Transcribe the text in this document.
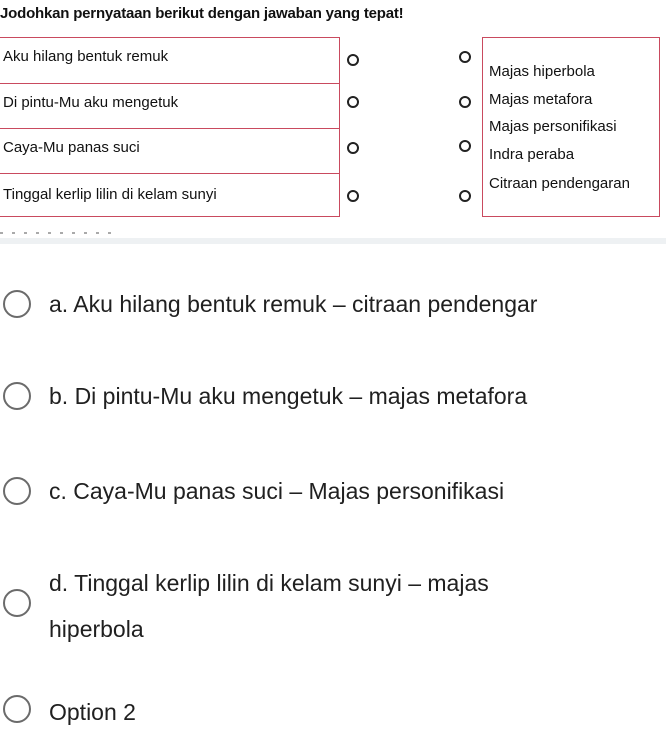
Jodohkan pernyataan berikut dengan jawaban yang tepat!
Aku hilang bentuk remuk
Di pintu-Mu aku mengetuk
Caya-Mu panas suci
Tinggal kerlip lilin di kelam sunyi
Majas hiperbola
Majas metafora
Majas personifikasi
Indra peraba
Citraan pendengaran
a. Aku hilang bentuk remuk – citraan pendengar
b. Di pintu-Mu aku mengetuk – majas metafora
c. Caya-Mu panas suci – Majas personifikasi
d. Tinggal kerlip lilin di kelam sunyi – majas
hiperbola
Option 2
